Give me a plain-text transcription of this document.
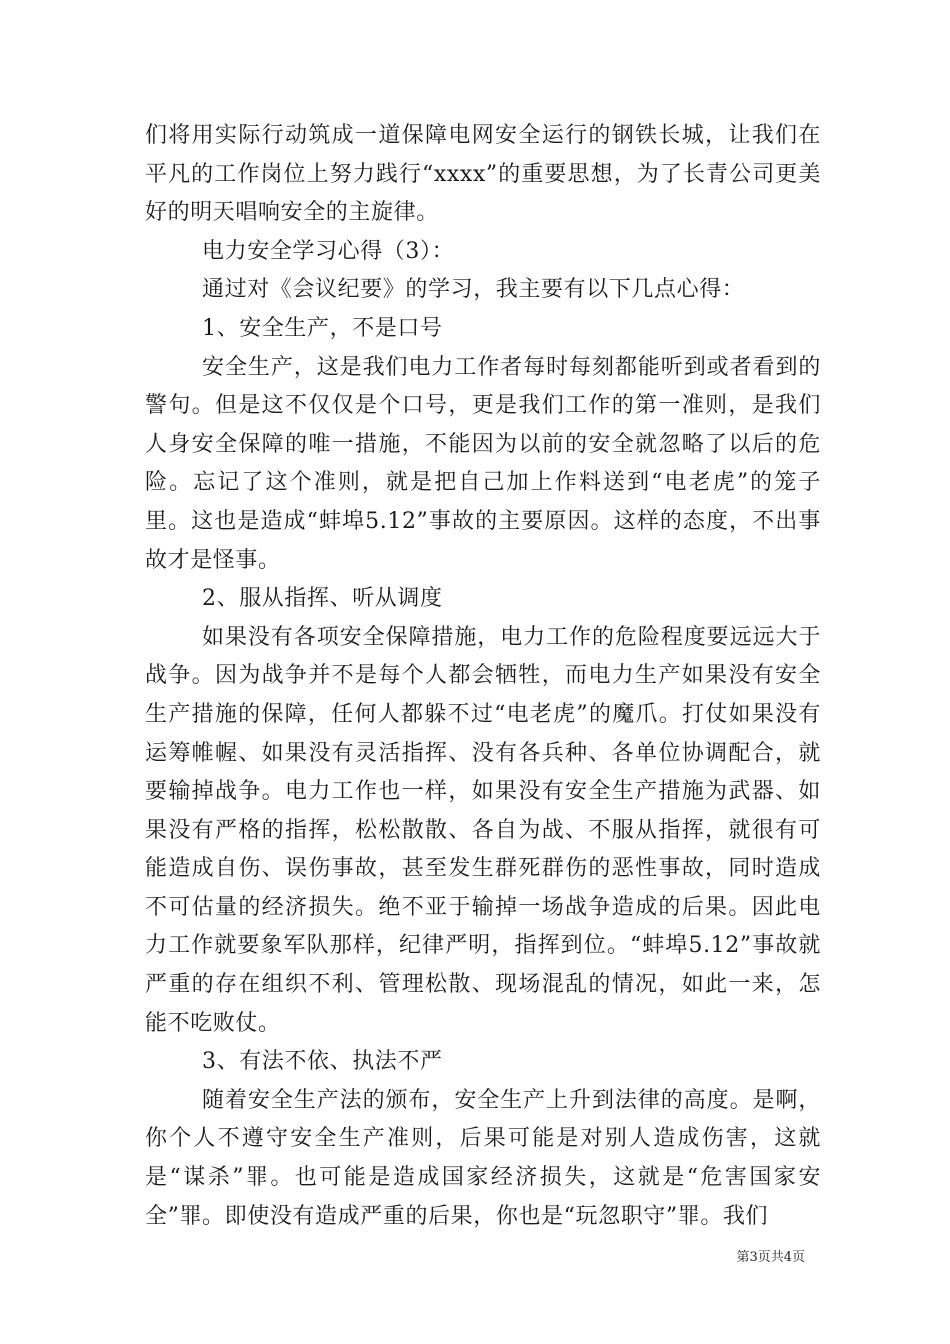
们将用实际行动筑成一道保障电网安全运行的钢铁长城，让我们在平凡的工作岗位上努力践行“xxxx”的重要思想，为了长青公司更美好的明天唱响安全的主旋律。

电力安全学习心得（3）：

通过对《会议纪要》的学习，我主要有以下几点心得：

1、安全生产，不是口号

安全生产，这是我们电力工作者每时每刻都能听到或者看到的警句。但是这不仅仅是个口号，更是我们工作的第一准则，是我们人身安全保障的唯一措施，不能因为以前的安全就忽略了以后的危险。忘记了这个准则，就是把自己加上作料送到“电老虎”的笼子里。这也是造成“蚌埠5.12”事故的主要原因。这样的态度，不出事故才是怪事。

2、服从指挥、听从调度

如果没有各项安全保障措施，电力工作的危险程度要远远大于战争。因为战争并不是每个人都会牺牲，而电力生产如果没有安全生产措施的保障，任何人都躲不过“电老虎”的魔爪。打仗如果没有运筹帷幄、如果没有灵活指挥、没有各兵种、各单位协调配合，就要输掉战争。电力工作也一样，如果没有安全生产措施为武器、如果没有严格的指挥，松松散散、各自为战、不服从指挥，就很有可能造成自伤、误伤事故，甚至发生群死群伤的恶性事故，同时造成不可估量的经济损失。绝不亚于输掉一场战争造成的后果。因此电力工作就要象军队那样，纪律严明，指挥到位。“蚌埠5.12”事故就严重的存在组织不利、管理松散、现场混乱的情况，如此一来，怎能不吃败仗。

3、有法不依、执法不严

随着安全生产法的颁布，安全生产上升到法律的高度。是啊，你个人不遵守安全生产准则，后果可能是对别人造成伤害，这就是“谋杀”罪。也可能是造成国家经济损失，这就是“危害国家安全”罪。即使没有造成严重的后果，你也是“玩忽职守”罪。我们

第3页共4页
